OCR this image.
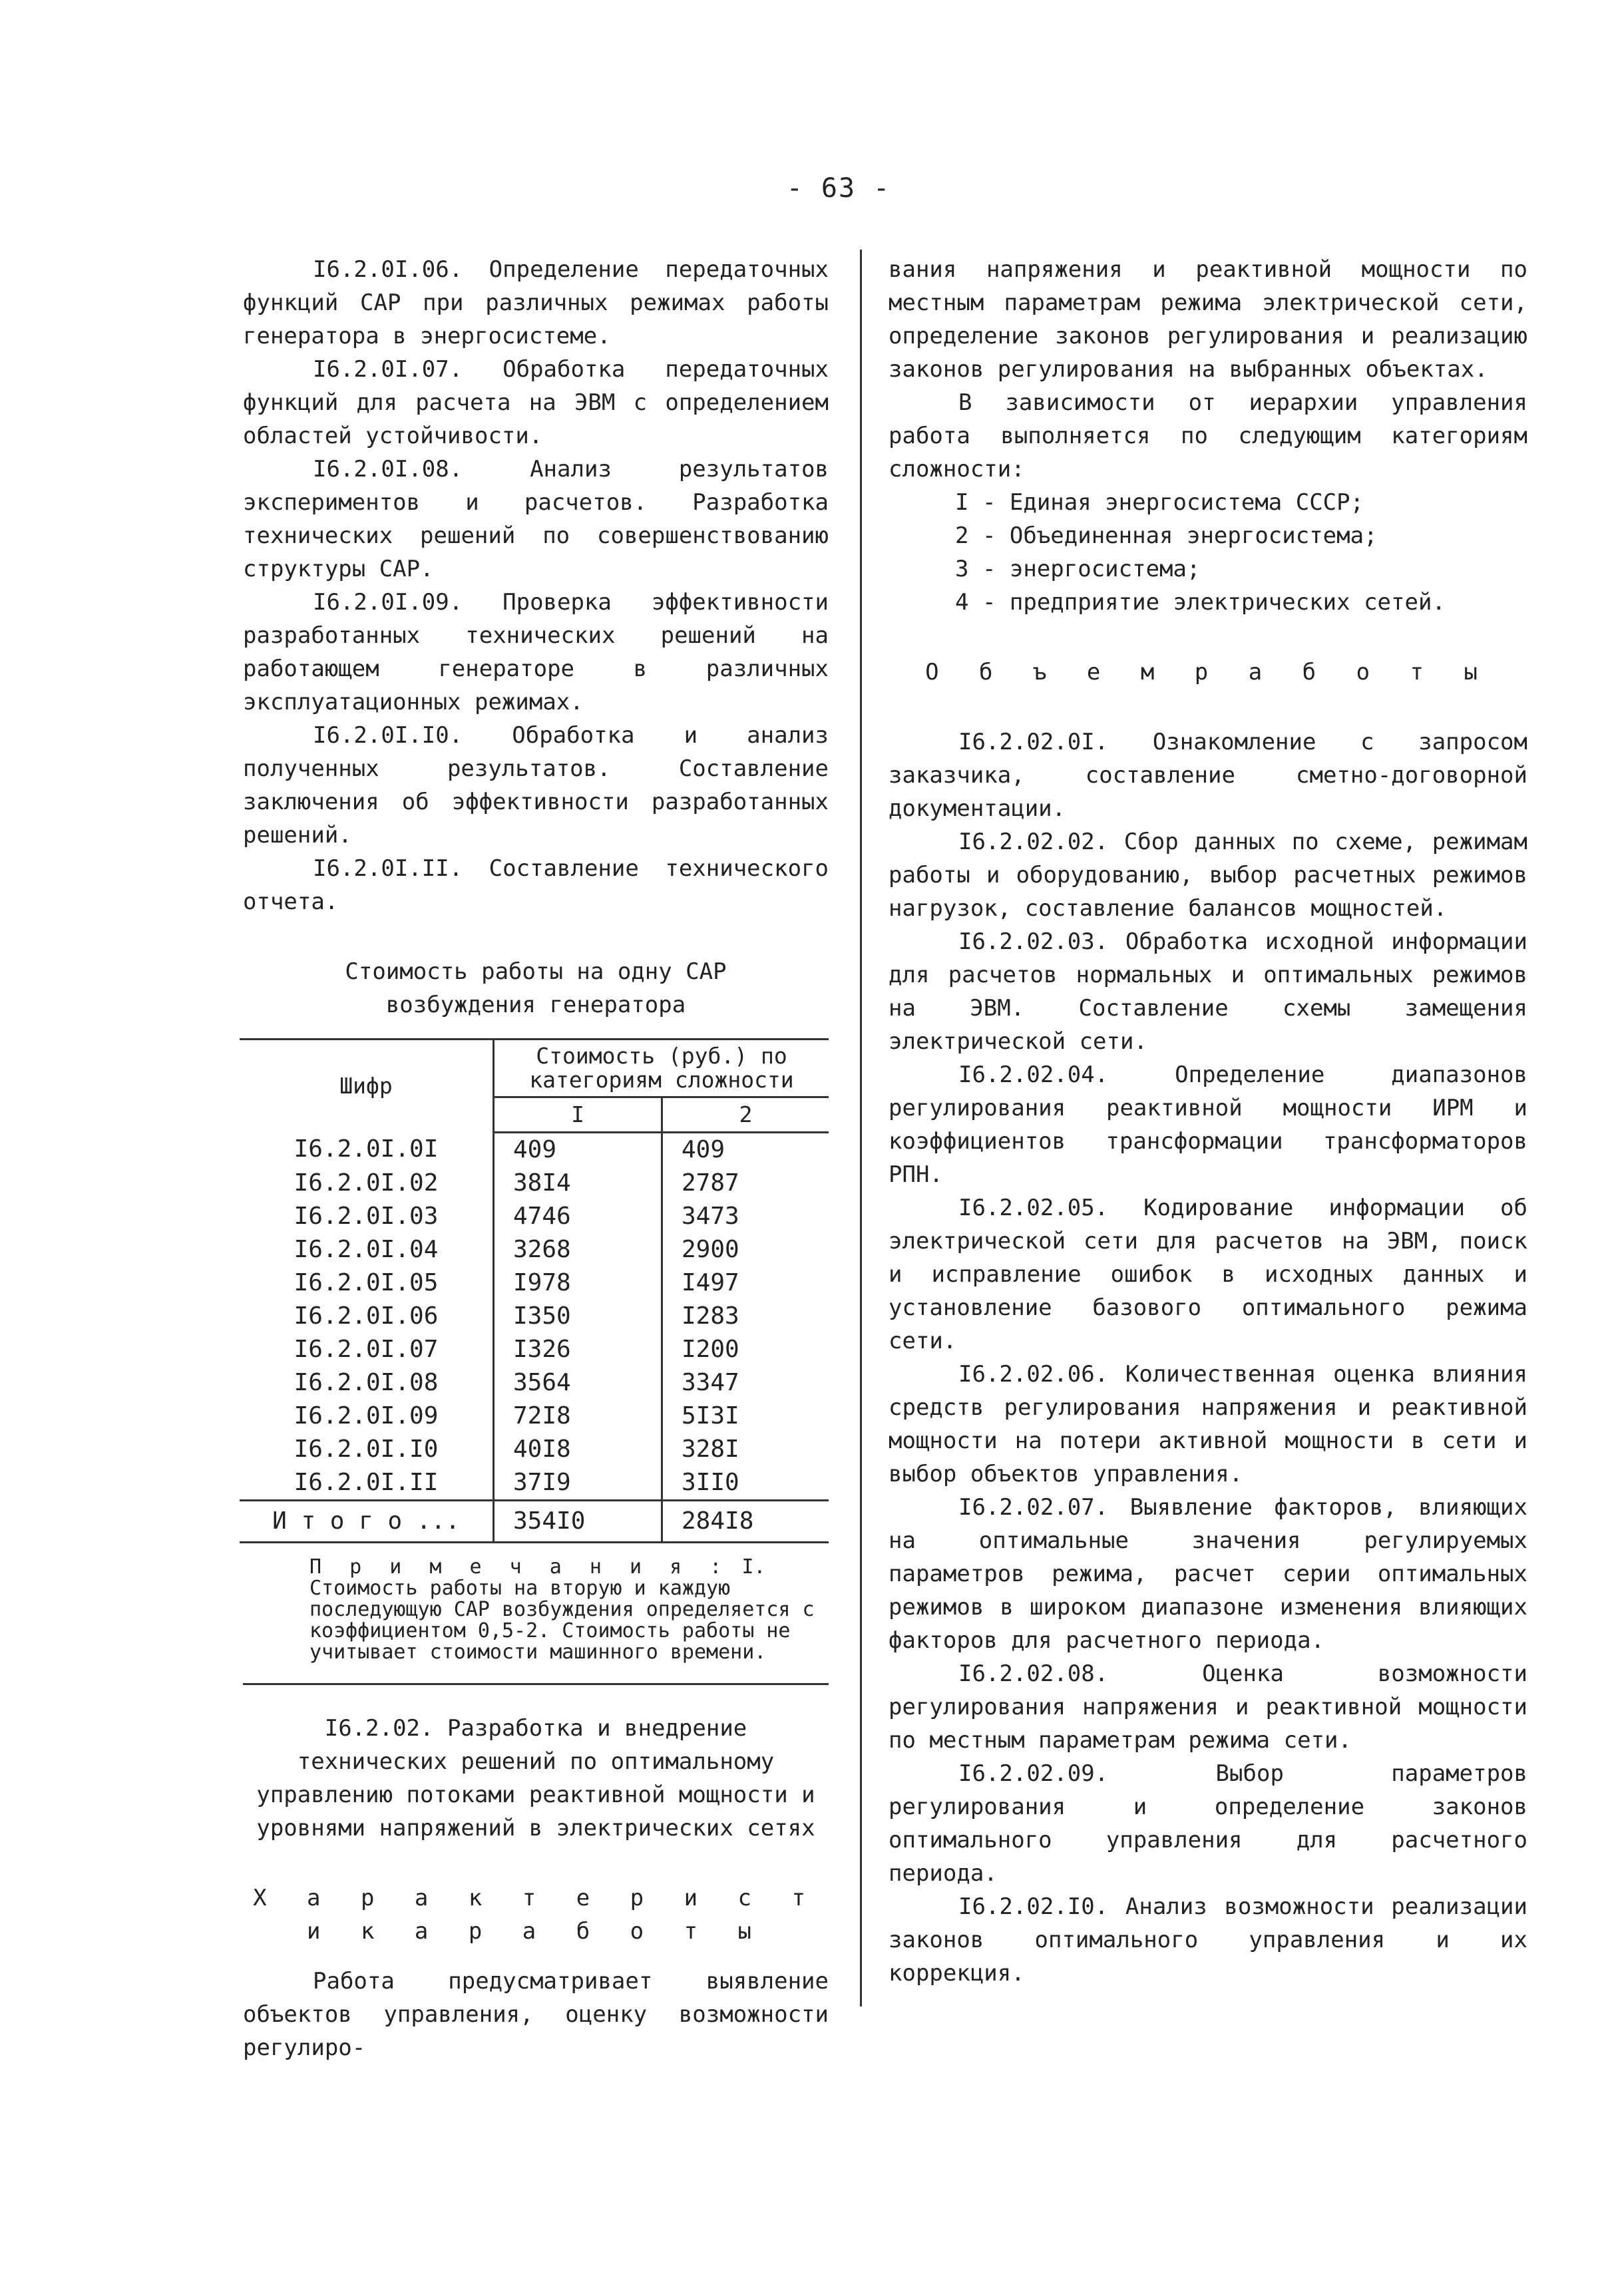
- 63 -

I6.2.0I.06. Определение передаточных функций САР при различных режимах работы генератора в энергосистеме.

I6.2.0I.07. Обработка передаточных функций для расчета на ЭВМ с определением областей устойчивости.

I6.2.0I.08. Анализ результатов экспериментов и расчетов. Разработка технических решений по совершенствованию структуры САР.

I6.2.0I.09. Проверка эффективности разработанных технических решений на работающем генераторе в различных эксплуатационных режимах.

I6.2.0I.I0. Обработка и анализ полученных результатов. Составление заключения об эффективности разработанных решений.

I6.2.0I.II. Составление технического отчета.

Стоимость работы на одну САР возбуждения генератора

Шифр	Стоимость (руб.) по категориям сложности	
	I	2
I6.2.0I.0I	409	409
I6.2.0I.02	38I4	2787
I6.2.0I.03	4746	3473
I6.2.0I.04	3268	2900
I6.2.0I.05	I978	I497
I6.2.0I.06	I350	I283
I6.2.0I.07	I326	I200
I6.2.0I.08	3564	3347
I6.2.0I.09	72I8	5I3I
I6.2.0I.I0	40I8	328I
I6.2.0I.II	37I9	3II0
И т о г о ...	354I0	284I8
П р и м е ч а н и я : I. Стоимость работы на вторую и каждую последующую САР возбуждения определяется с коэффициентом 0,5-2. Стоимость работы не учитывает стоимости машинного времени.

I6.2.02. Разработка и внедрение технических решений по оптимальному управлению потоками реактивной мощности и уровнями напряжений в электрических сетях

Х а р а к т е р и с т и к а р а б о т ы

Работа предусматривает выявление объектов управления, оценку возможности регулиро-

вания напряжения и реактивной мощности по местным параметрам режима электрической сети, определение законов регулирования и реализацию законов регулирования на выбранных объектах.

В зависимости от иерархии управления работа выполняется по следующим категориям сложности:

I - Единая энергосистема СССР;

2 - Объединенная энергосистема;

3 - энергосистема;

4 - предприятие электрических сетей.

О б ъ е м р а б о т ы

I6.2.02.0I. Ознакомление с запросом заказчика, составление сметно-договорной документации.

I6.2.02.02. Сбор данных по схеме, режимам работы и оборудованию, выбор расчетных режимов нагрузок, составление балансов мощностей.

I6.2.02.03. Обработка исходной информации для расчетов нормальных и оптимальных режимов на ЭВМ. Составление схемы замещения электрической сети.

I6.2.02.04. Определение диапазонов регулирования реактивной мощности ИРМ и коэффициентов трансформации трансформаторов РПН.

I6.2.02.05. Кодирование информации об электрической сети для расчетов на ЭВМ, поиск и исправление ошибок в исходных данных и установление базового оптимального режима сети.

I6.2.02.06. Количественная оценка влияния средств регулирования напряжения и реактивной мощности на потери активной мощности в сети и выбор объектов управления.

I6.2.02.07. Выявление факторов, влияющих на оптимальные значения регулируемых параметров режима, расчет серии оптимальных режимов в широком диапазоне изменения влияющих факторов для расчетного периода.

I6.2.02.08. Оценка возможности регулирования напряжения и реактивной мощности по местным параметрам режима сети.

I6.2.02.09. Выбор параметров регулирования и определение законов оптимального управления для расчетного периода.

I6.2.02.I0. Анализ возможности реализации законов оптимального управления и их коррекция.
